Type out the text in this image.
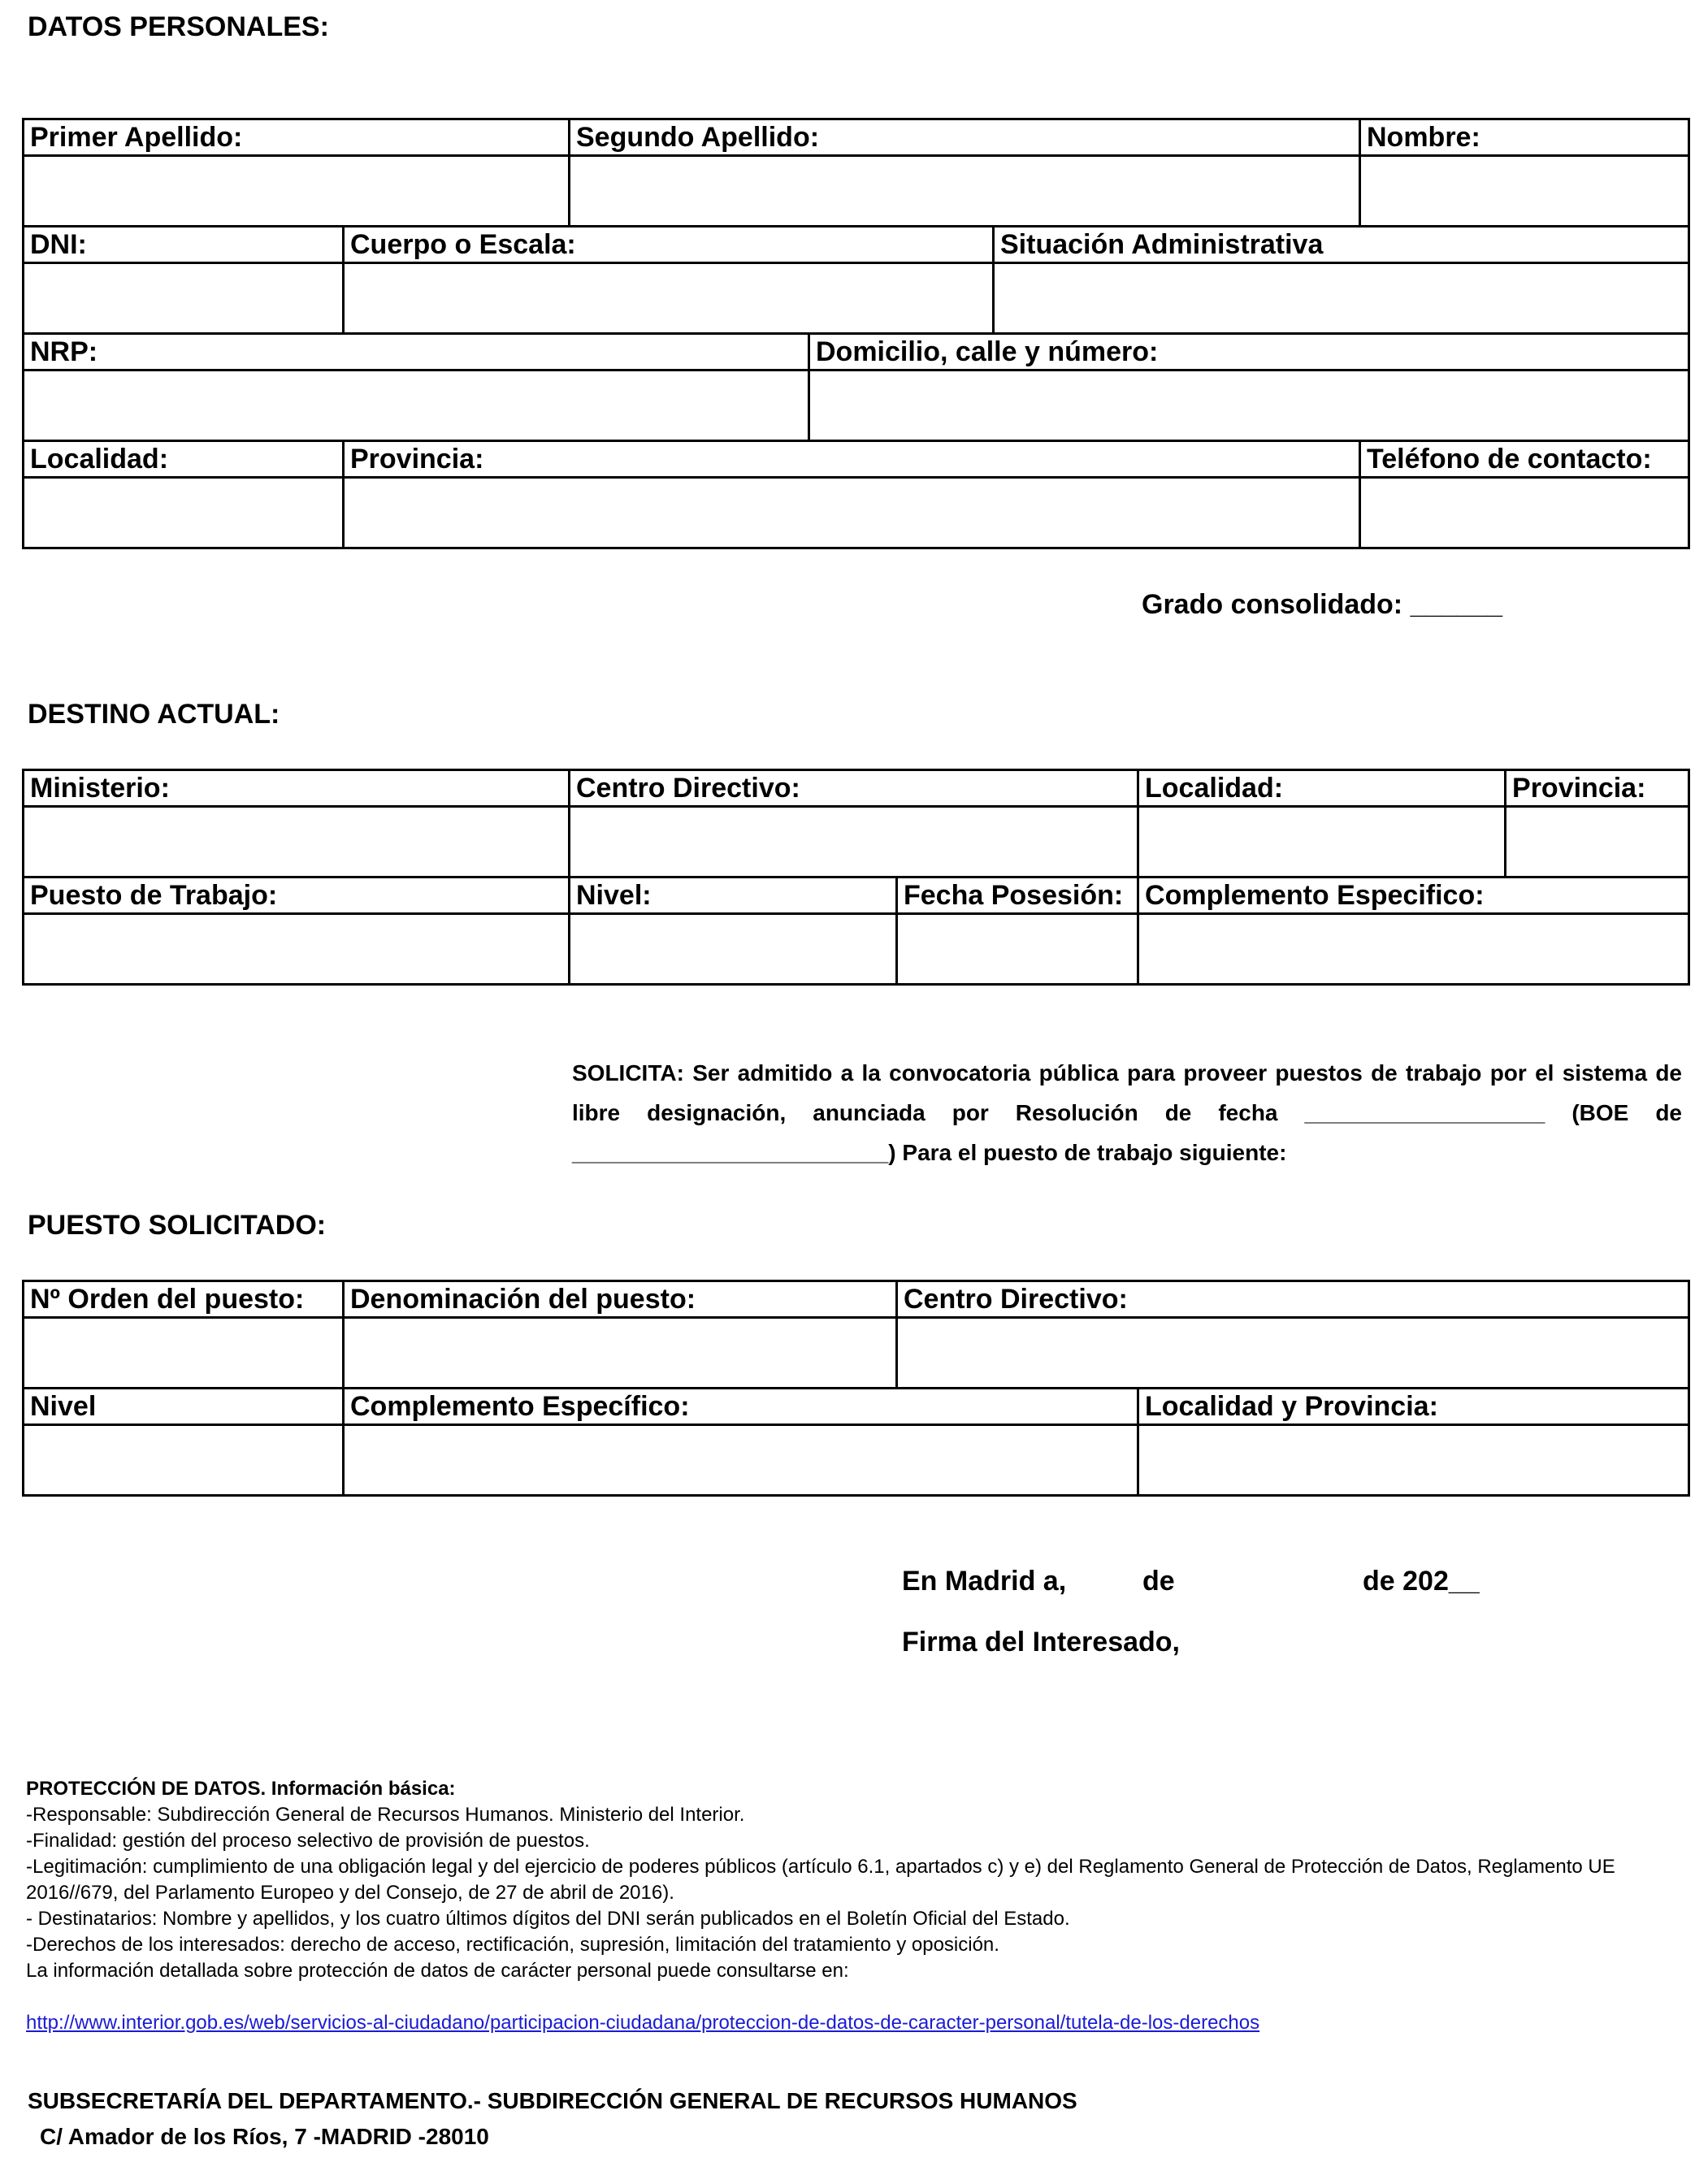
DATOS PERSONALES:
Primer Apellido:		Segundo Apellido:			Nombre:

DNI:	Cuerpo o Escala:			Situación Administrativa	

NRP:			Domicilio, calle y número:		

Localidad:	Provincia:				Teléfono de contacto:

Grado consolidado: ______
DESTINO ACTUAL:
Ministerio:	Centro Directivo:		Localidad:	Provincia:

Puesto de Trabajo:	Nivel:	Fecha Posesión:	Complemento Especifico:	

SOLICITA: Ser admitido a la convocatoria pública para proveer puestos de trabajo por el sistema de libre designación, anunciada por Resolución de fecha ___________________ (BOE de _________________________) Para el puesto de trabajo siguiente:

PUESTO SOLICITADO:
Nº Orden del puesto:	Denominación del puesto:	Centro Directivo:	

Nivel	Complemento Específico:		Localidad y Provincia:

En Madrid a,	de	de 202__
Firma del Interesado,
PROTECCIÓN DE DATOS. Información básica:
-Responsable: Subdirección General de Recursos Humanos. Ministerio del Interior.
-Finalidad: gestión del proceso selectivo de provisión de puestos.
-Legitimación: cumplimiento de una obligación legal y del ejercicio de poderes públicos (artículo 6.1, apartados c) y e) del Reglamento General de Protección de Datos, Reglamento UE 2016//679, del Parlamento Europeo y del Consejo, de 27 de abril de 2016).
- Destinatarios: Nombre y apellidos, y los cuatro últimos dígitos del DNI serán publicados en el Boletín Oficial del Estado.
-Derechos de los interesados: derecho de acceso, rectificación, supresión, limitación del tratamiento y oposición.
La información detallada sobre protección de datos de carácter personal puede consultarse en:
http://www.interior.gob.es/web/servicios-al-ciudadano/participacion-ciudadana/proteccion-de-datos-de-caracter-personal/tutela-de-los-derechos
SUBSECRETARÍA DEL DEPARTAMENTO.- SUBDIRECCIÓN GENERAL DE RECURSOS HUMANOS
C/ Amador de los Ríos, 7 -MADRID -28010
